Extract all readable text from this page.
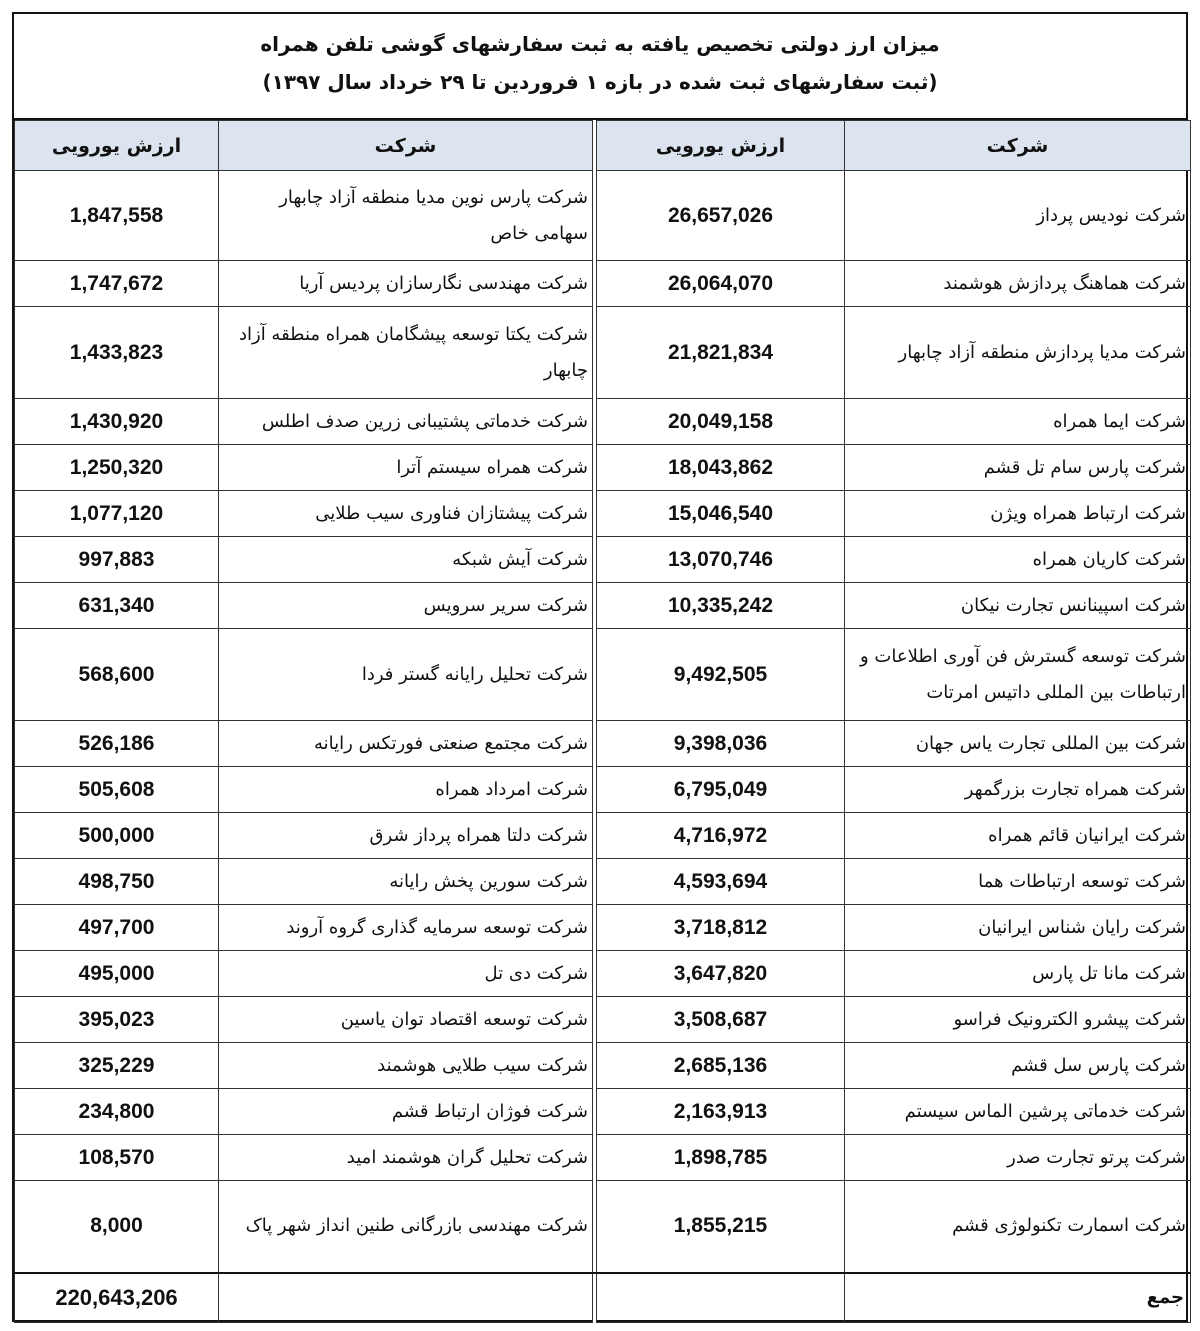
میزان ارز دولتی تخصیص یافته به ثبت سفارشهای گوشی تلفن همراه
(ثبت سفارشهای ثبت شده در بازه ۱ فروردین تا ۲۹ خرداد سال ۱۳۹۷)
ارزش یورویی	شرکت		ارزش یورویی	شرکت
1,847,558	شرکت پارس نوین مدیا منطقه آزاد چابهار سهامی خاص		26,657,026	شرکت نودیس پرداز
1,747,672	شرکت مهندسی نگارسازان پردیس آریا		26,064,070	شرکت هماهنگ پردازش هوشمند
1,433,823	شرکت یکتا توسعه پیشگامان همراه منطقه آزاد چابهار		21,821,834	شرکت مدیا پردازش منطقه آزاد چابهار
1,430,920	شرکت خدماتی پشتیبانی زرین صدف اطلس		20,049,158	شرکت ایما همراه
1,250,320	شرکت همراه سیستم آترا		18,043,862	شرکت پارس سام تل قشم
1,077,120	شرکت پیشتازان فناوری سیب طلایی		15,046,540	شرکت ارتباط همراه ویژن
997,883	شرکت آیش شبکه		13,070,746	شرکت کاریان همراه
631,340	شرکت سریر سرویس		10,335,242	شرکت اسپینانس تجارت نیکان
568,600	شرکت تحلیل رایانه گستر فردا		9,492,505	شرکت توسعه گسترش فن آوری اطلاعات و ارتباطات بین المللی داتیس امرتات
526,186	شرکت مجتمع صنعتی فورتکس رایانه		9,398,036	شرکت بین المللی تجارت یاس جهان
505,608	شرکت امرداد همراه		6,795,049	شرکت همراه تجارت بزرگمهر
500,000	شرکت دلتا همراه پرداز شرق		4,716,972	شرکت ایرانیان قائم همراه
498,750	شرکت سورین پخش رایانه		4,593,694	شرکت توسعه ارتباطات هما
497,700	شرکت توسعه سرمایه گذاری گروه آروند		3,718,812	شرکت رایان شناس ایرانیان
495,000	شرکت دی تل		3,647,820	شرکت مانا تل پارس
395,023	شرکت توسعه اقتصاد توان یاسین		3,508,687	شرکت پیشرو الکترونیک فراسو
325,229	شرکت سیب طلایی هوشمند		2,685,136	شرکت پارس سل قشم
234,800	شرکت فوژان ارتباط قشم		2,163,913	شرکت خدماتی پرشین الماس سیستم
108,570	شرکت تحلیل گران هوشمند امید		1,898,785	شرکت پرتو تجارت صدر
8,000	شرکت مهندسی بازرگانی طنین انداز شهر پاک		1,855,215	شرکت اسمارت تکنولوژی قشم
220,643,206				جمع
